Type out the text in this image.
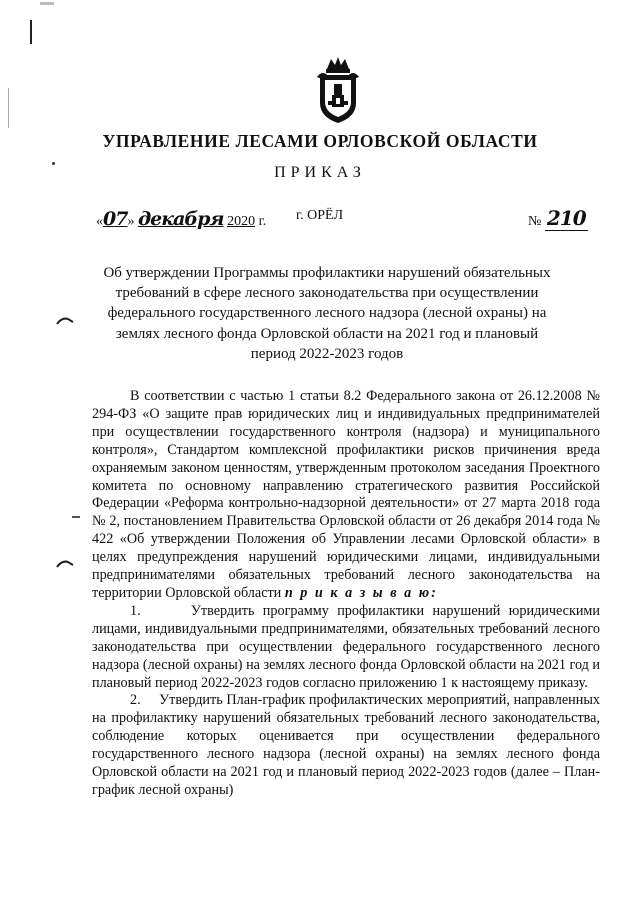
УПРАВЛЕНИЕ ЛЕСАМИ ОРЛОВСКОЙ ОБЛАСТИ
ПРИКАЗ
«07» декабря 2020 г. г. ОРЁЛ	№ 210
Об утверждении Программы профилактики нарушений обязательных требований в сфере лесного законодательства при осуществлении федерального государственного лесного надзора (лесной охраны) на землях лесного фонда Орловской области на 2021 год и плановый период 2022-2023 годов

В соответствии с частью 1 статьи 8.2 Федерального закона от 26.12.2008 № 294-ФЗ «О защите прав юридических лиц и индивидуальных предпринимателей при осуществлении государственного контроля (надзора) и муниципального контроля», Стандартом комплексной профилактики рисков причинения вреда охраняемым законом ценностям, утвержденным протоколом заседания Проектного комитета по основному направлению стратегического развития Российской Федерации «Реформа контрольно-надзорной деятельности» от 27 марта 2018 года № 2, постановлением Правительства Орловской области от 26 декабря 2014 года № 422 «Об утверждении Положения об Управлении лесами Орловской области» в целях предупреждения нарушений юридическими лицами, индивидуальными предпринимателями обязательных требований лесного законодательства на территории Орловской области п р и к а з ы в а ю:

1.      Утвердить программу профилактики нарушений юридическими лицами, индивидуальными предпринимателями, обязательных требований лесного законодательства при осуществлении федерального государственного лесного надзора (лесной охраны) на землях лесного фонда Орловской области на 2021 год и плановый период 2022-2023 годов согласно приложению 1 к настоящему приказу.

2.     Утвердить План-график профилактических мероприятий, направленных на профилактику нарушений обязательных требований лесного законодательства, соблюдение которых оценивается при осуществлении федерального государственного лесного надзора (лесной охраны) на землях лесного фонда Орловской области на 2021 год и плановый период 2022-2023 годов (далее – План-график лесной охраны)
